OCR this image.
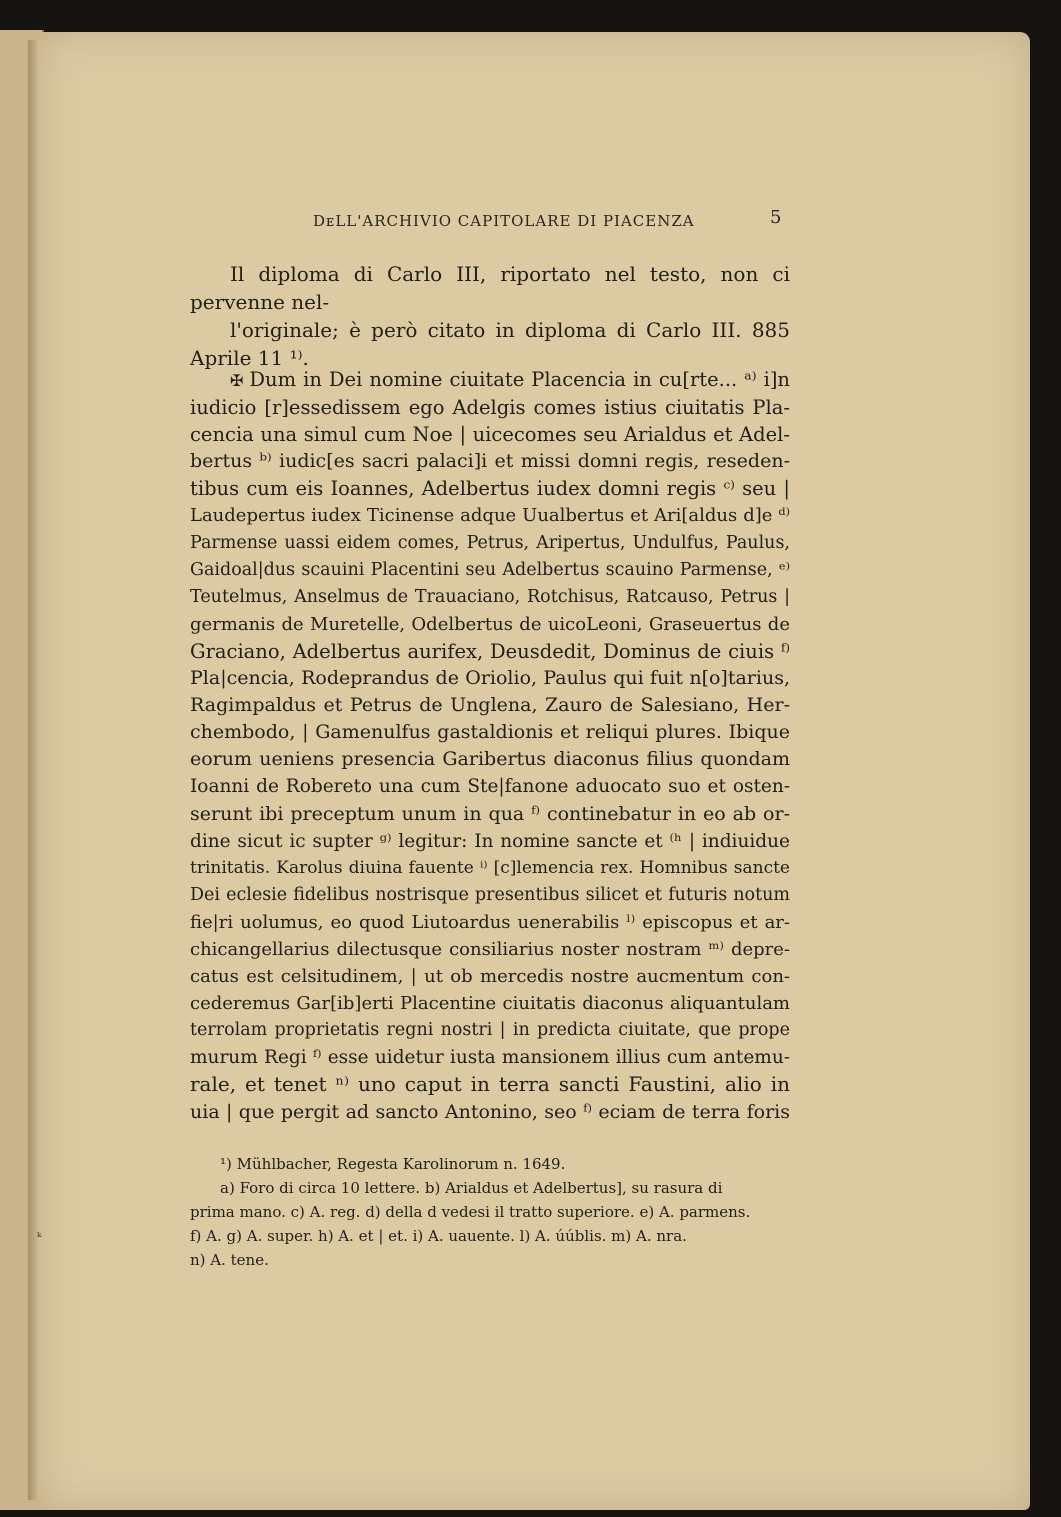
DᴇLL'ARCHIVIO CAPITOLARE DI PIACENZA	5
Il diploma di Carlo III, riportato nel testo, non ci pervenne nel-
l'originale; è però citato in diploma di Carlo III. 885 Aprile 11 ¹⁾.
✠ Dum in Dei nomine ciuitate Placencia in cu[rte... ᵃ⁾ i]n
iudicio [r]essedissem ego Adelgis comes istius ciuitatis Pla-
cencia una simul cum Noe | uicecomes seu Arialdus et Adel-
bertus ᵇ⁾ iudic[es sacri palaci]i et missi domni regis, reseden-
tibus cum eis Ioannes, Adelbertus iudex domni regis ᶜ⁾ seu |
Laudepertus iudex Ticinense adque Uualbertus et Ari[aldus d]e ᵈ⁾
Parmense uassi eidem comes, Petrus, Aripertus, Undulfus, Paulus,
Gaidoal|dus scauini Placentini seu Adelbertus scauino Parmense, ᵉ⁾
Teutelmus, Anselmus de Trauaciano, Rotchisus, Ratcauso, Petrus |
germanis de Muretelle, Odelbertus de uicoLeoni, Graseuertus de
Graciano, Adelbertus aurifex, Deusdedit, Dominus de ciuis ᶠ⁾
Pla|cencia, Rodeprandus de Oriolio, Paulus qui fuit n[o]tarius,
Ragimpaldus et Petrus de Unglena, Zauro de Salesiano, Her-
chembodo, | Gamenulfus gastaldionis et reliqui plures. Ibique
eorum ueniens presencia Garibertus diaconus filius quondam
Ioanni de Robereto una cum Ste|fanone aduocato suo et osten-
serunt ibi preceptum unum in qua ᶠ⁾ continebatur in eo ab or-
dine sicut ic supter ᵍ⁾ legitur: In nomine sancte et ⁽ʰ | indiuidue
trinitatis. Karolus diuina fauente ⁱ⁾ [c]lemencia rex. Homnibus sancte
Dei eclesie fidelibus nostrisque presentibus silicet et futuris notum
fie|ri uolumus, eo quod Liutoardus uenerabilis ˡ⁾ episcopus et ar-
chicangellarius dilectusque consiliarius noster nostram ᵐ⁾ depre-
catus est celsitudinem, | ut ob mercedis nostre aucmentum con-
cederemus Gar[ib]erti Placentine ciuitatis diaconus aliquantulam
terrolam proprietatis regni nostri | in predicta ciuitate, que prope
murum Regi ᶠ⁾ esse uidetur iusta mansionem illius cum antemu-
rale, et tenet ⁿ⁾ uno caput in terra sancti Faustini, alio in
uia | que pergit ad sancto Antonino, seo ᶠ⁾ eciam de terra foris
¹) Mühlbacher, Regesta Karolinorum n. 1649.
a) Foro di circa 10 lettere. b) Arialdus et Adelbertus], su rasura di
prima mano. c) A. reg. d) della d vedesi il tratto superiore. e) A. parmens.
f) A. g) A. super. h) A. et | et. i) A. uauente. l) A. úúblis. m) A. nra.
n) A. tene.
ᵏ
